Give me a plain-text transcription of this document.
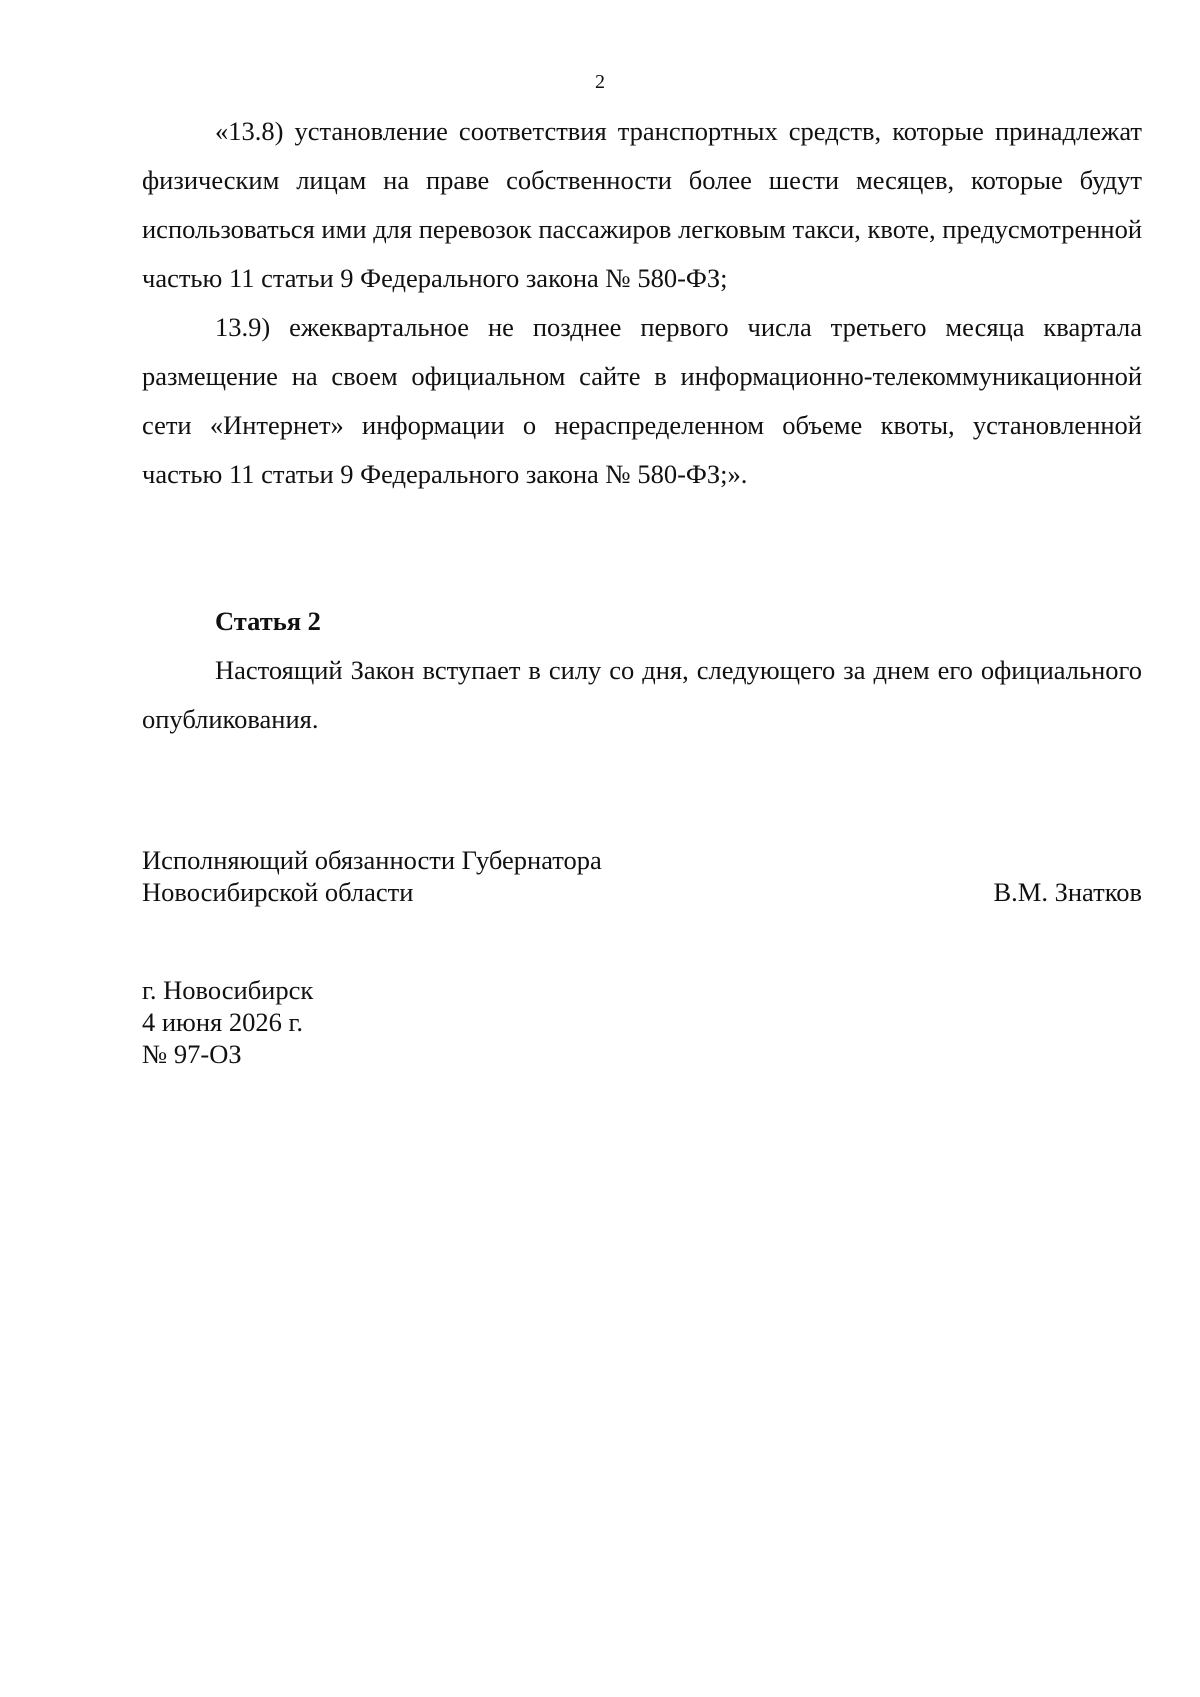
2

«13.8) установление соответствия транспортных средств, которые принадлежат физическим лицам на праве собственности более шести месяцев, которые будут использоваться ими для перевозок пассажиров легковым такси, квоте, предусмотренной частью 11 статьи 9 Федерального закона № 580-ФЗ;

13.9) ежеквартальное не позднее первого числа третьего месяца квартала размещение на своем официальном сайте в информационно-телекоммуникационной сети «Интернет» информации о нераспределенном объеме квоты, установленной частью 11 статьи 9 Федерального закона № 580-ФЗ;».

Статья 2

Настоящий Закон вступает в силу со дня, следующего за днем его официального опубликования.

Исполняющий обязанности Губернатора
Новосибирской области	В.М. Знатков
г. Новосибирск
4 июня 2026 г.
№ 97-ОЗ
